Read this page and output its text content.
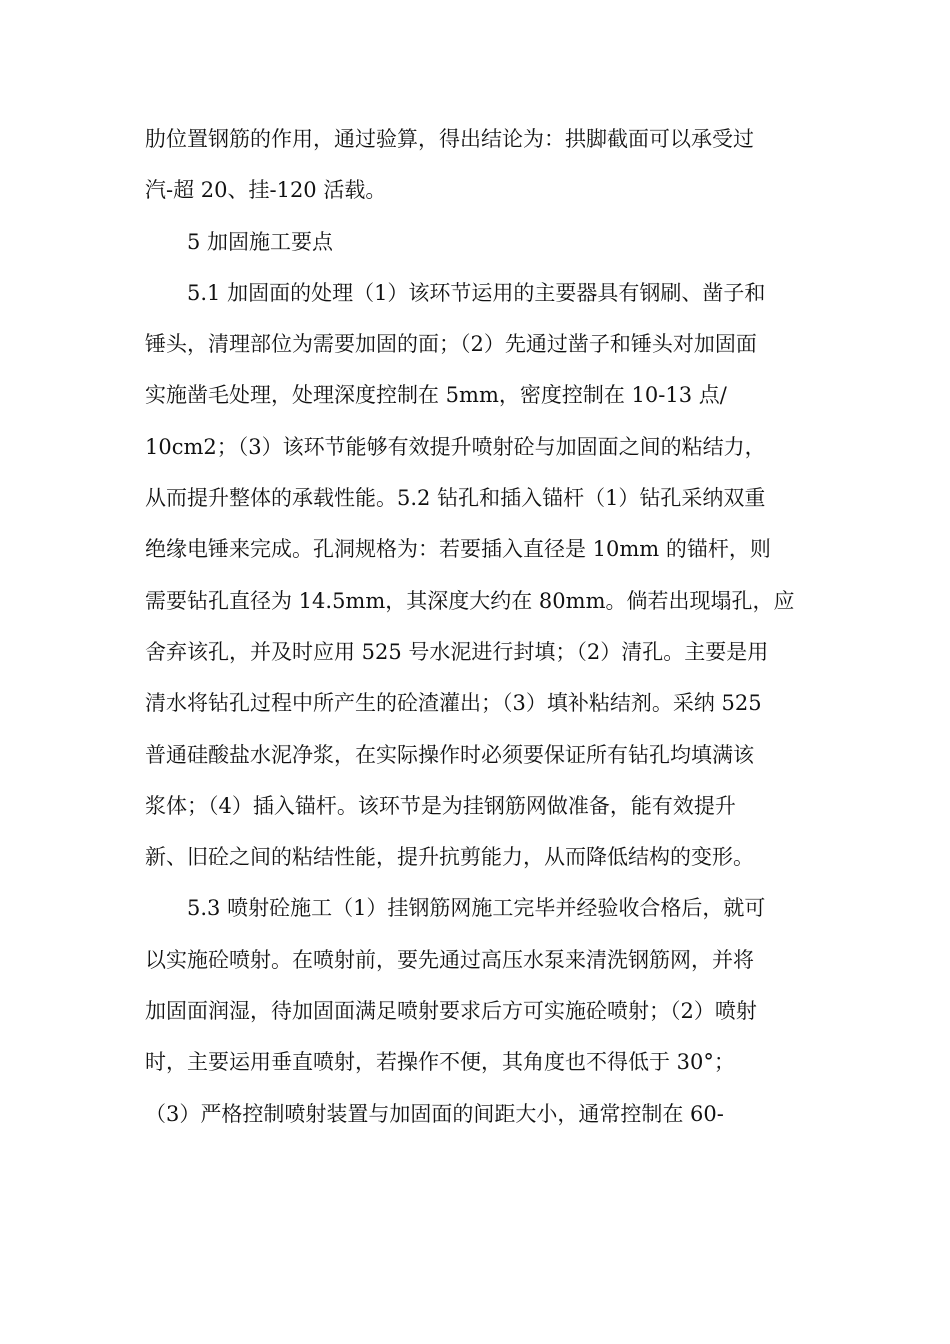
肋位置钢筋的作用，通过验算，得出结论为：拱脚截面可以承受过
汽-超 20、挂-120 活载。
5 加固施工要点
5.1 加固面的处理（1）该环节运用的主要器具有钢刷、凿子和
锤头，清理部位为需要加固的面；（2）先通过凿子和锤头对加固面
实施凿毛处理，处理深度控制在 5mm，密度控制在 10-13 点/
10cm2；（3）该环节能够有效提升喷射砼与加固面之间的粘结力，
从而提升整体的承载性能。5.2 钻孔和插入锚杆（1）钻孔采纳双重
绝缘电锤来完成。孔洞规格为：若要插入直径是 10mm 的锚杆，则
需要钻孔直径为 14.5mm，其深度大约在 80mm。倘若出现塌孔，应
舍弃该孔，并及时应用 525 号水泥进行封填；（2）清孔。主要是用
清水将钻孔过程中所产生的砼渣灌出；（3）填补粘结剂。采纳 525
普通硅酸盐水泥净浆，在实际操作时必须要保证所有钻孔均填满该
浆体；（4）插入锚杆。该环节是为挂钢筋网做准备，能有效提升
新、旧砼之间的粘结性能，提升抗剪能力，从而降低结构的变形。
5.3 喷射砼施工（1）挂钢筋网施工完毕并经验收合格后，就可
以实施砼喷射。在喷射前，要先通过高压水泵来清洗钢筋网，并将
加固面润湿，待加固面满足喷射要求后方可实施砼喷射；（2）喷射
时，主要运用垂直喷射，若操作不便，其角度也不得低于 30°；
（3）严格控制喷射装置与加固面的间距大小，通常控制在 60-
